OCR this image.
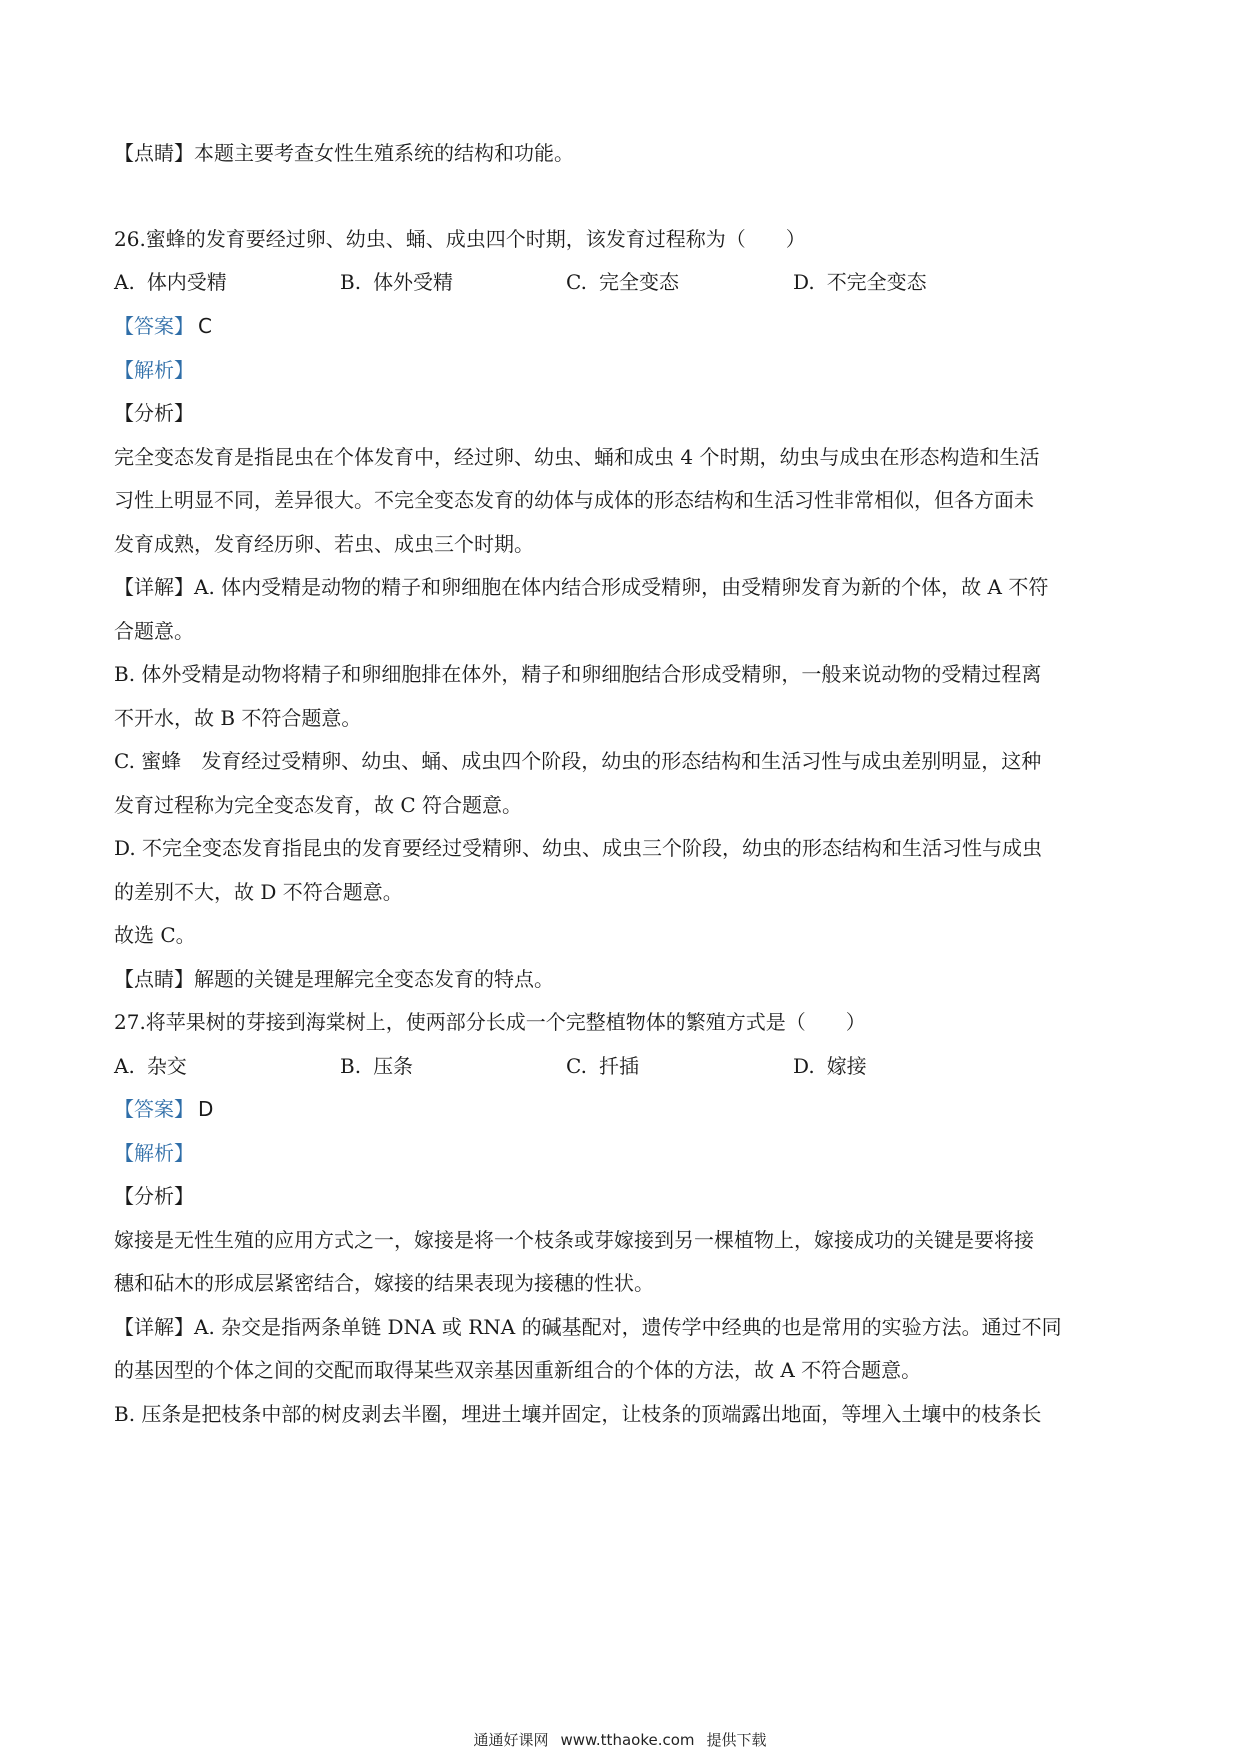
【点睛】本题主要考查女性生殖系统的结构和功能。
26.蜜蜂的发育要经过卵、幼虫、蛹、成虫四个时期，该发育过程称为（　　）
A. 体内受精	B. 体外受精	C. 完全变态	D. 不完全变态
【答案】 C
【解析】
【分析】
完全变态发育是指昆虫在个体发育中，经过卵、幼虫、蛹和成虫 4 个时期，幼虫与成虫在形态构造和生活
习性上明显不同，差异很大。不完全变态发育的幼体与成体的形态结构和生活习性非常相似，但各方面未
发育成熟，发育经历卵、若虫、成虫三个时期。
【详解】A. 体内受精是动物的精子和卵细胞在体内结合形成受精卵，由受精卵发育为新的个体，故 A 不符
合题意。
B. 体外受精是动物将精子和卵细胞排在体外，精子和卵细胞结合形成受精卵，一般来说动物的受精过程离
不开水，故 B 不符合题意。
C. 蜜蜂　发育经过受精卵、幼虫、蛹、成虫四个阶段，幼虫的形态结构和生活习性与成虫差别明显，这种
发育过程称为完全变态发育，故 C 符合题意。
D. 不完全变态发育指昆虫的发育要经过受精卵、幼虫、成虫三个阶段，幼虫的形态结构和生活习性与成虫
的差别不大，故 D 不符合题意。
故选 C。
【点睛】解题的关键是理解完全变态发育的特点。
27.将苹果树的芽接到海棠树上，使两部分长成一个完整植物体的繁殖方式是（　　）
A. 杂交	B. 压条	C. 扦插	D. 嫁接
【答案】 D
【解析】
【分析】
嫁接是无性生殖的应用方式之一，嫁接是将一个枝条或芽嫁接到另一棵植物上，嫁接成功的关键是要将接
穗和砧木的形成层紧密结合，嫁接的结果表现为接穗的性状。
【详解】A. 杂交是指两条单链 DNA 或 RNA 的碱基配对，遗传学中经典的也是常用的实验方法。通过不同
的基因型的个体之间的交配而取得某些双亲基因重新组合的个体的方法，故 A 不符合题意。
B. 压条是把枝条中部的树皮剥去半圈，埋进土壤并固定，让枝条的顶端露出地面，等埋入土壤中的枝条长
通通好课网 www.tthaoke.com 提供下载
